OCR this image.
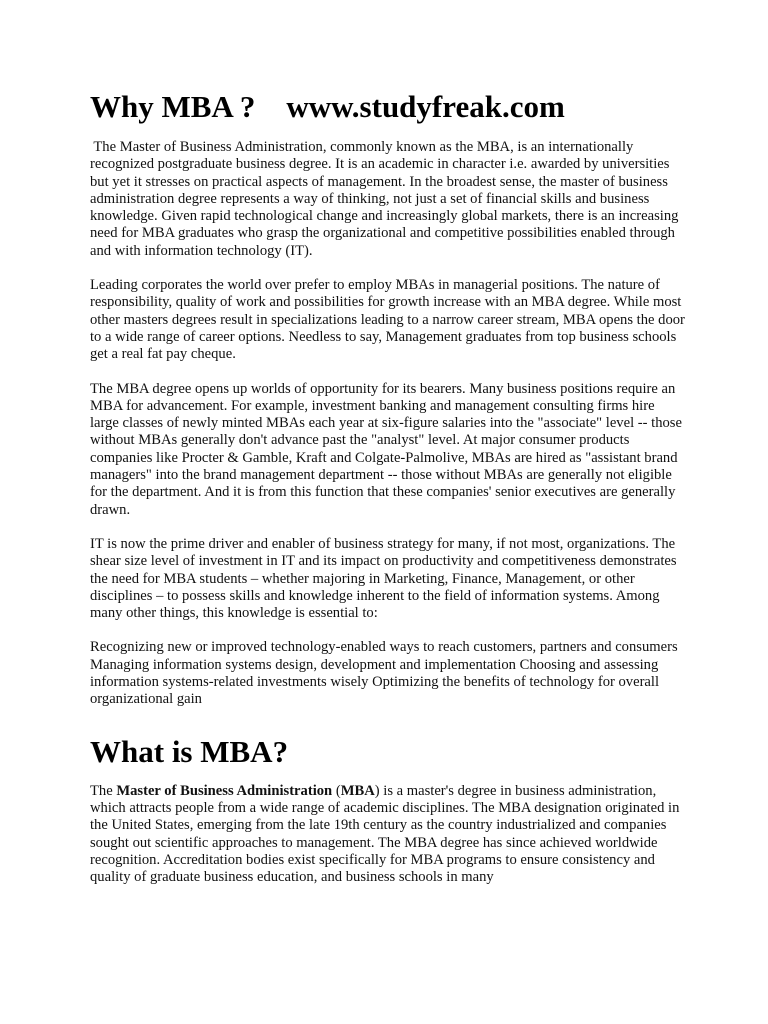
Why MBA ?    www.studyfreak.com

The Master of Business Administration, commonly known as the MBA, is an internationally recognized postgraduate business degree. It is an academic in character i.e. awarded by universities but yet it stresses on practical aspects of management. In the broadest sense, the master of business administration degree represents a way of thinking, not just a set of financial skills and business knowledge. Given rapid technological change and increasingly global markets, there is an increasing need for MBA graduates who grasp the organizational and competitive possibilities enabled through and with information technology (IT).

Leading corporates the world over prefer to employ MBAs in managerial positions. The nature of responsibility, quality of work and possibilities for growth increase with an MBA degree. While most other masters degrees result in specializations leading to a narrow career stream, MBA opens the door to a wide range of career options. Needless to say, Management graduates from top business schools get a real fat pay cheque.

The MBA degree opens up worlds of opportunity for its bearers. Many business positions require an MBA for advancement. For example, investment banking and management consulting firms hire large classes of newly minted MBAs each year at six-figure salaries into the "associate" level -- those without MBAs generally don't advance past the "analyst" level. At major consumer products companies like Procter & Gamble, Kraft and Colgate-Palmolive, MBAs are hired as "assistant brand managers" into the brand management department -- those without MBAs are generally not eligible for the department. And it is from this function that these companies' senior executives are generally drawn.

IT is now the prime driver and enabler of business strategy for many, if not most, organizations. The shear size level of investment in IT and its impact on productivity and competitiveness demonstrates the need for MBA students – whether majoring in Marketing, Finance, Management, or other disciplines – to possess skills and knowledge inherent to the field of information systems. Among many other things, this knowledge is essential to:

Recognizing new or improved technology-enabled ways to reach customers, partners and consumers Managing information systems design, development and implementation Choosing and assessing information systems-related investments wisely Optimizing the benefits of technology for overall organizational gain

What is MBA?

The Master of Business Administration (MBA) is a master's degree in business administration, which attracts people from a wide range of academic disciplines. The MBA designation originated in the United States, emerging from the late 19th century as the country industrialized and companies sought out scientific approaches to management. The MBA degree has since achieved worldwide recognition. Accreditation bodies exist specifically for MBA programs to ensure consistency and quality of graduate business education, and business schools in many
